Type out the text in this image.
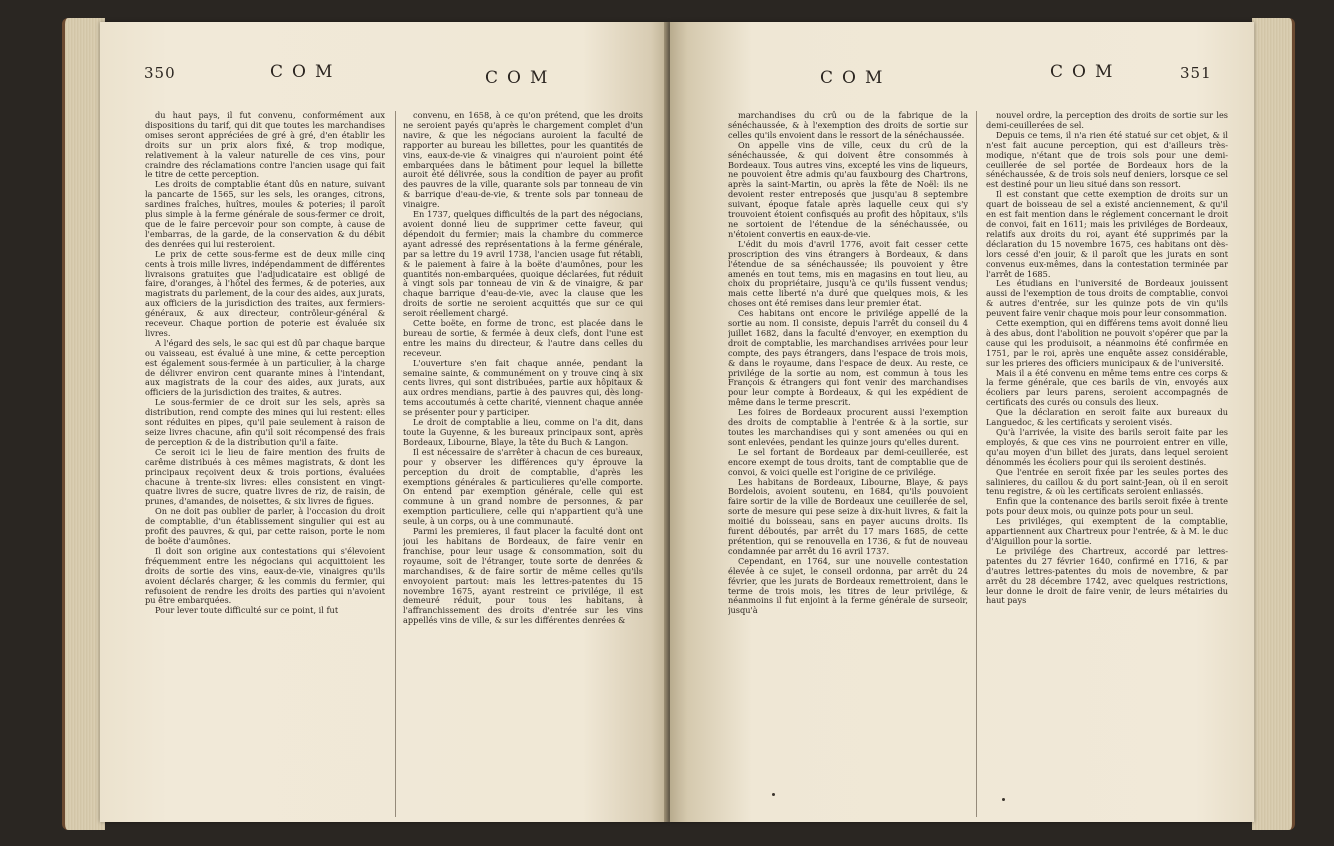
350	COM	COM

du haut pays, il fut convenu, conformément aux dispositions du tarif, qui dit que toutes les marchandises omises seront appréciées de gré à gré, d'en établir les droits sur un prix alors fixé, & trop modique, relativement à la valeur naturelle de ces vins, pour craindre des réclamations contre l'ancien usage qui fait le titre de cette perception.

Les droits de comptablie étant dûs en nature, suivant la pancarte de 1565, sur les sels, les oranges, citrons, sardines fraîches, huîtres, moules & poteries; il paroît plus simple à la ferme générale de sous-fermer ce droit, que de le faire percevoir pour son compte, à cause de l'embarras, de la garde, de la conservation & du débit des denrées qui lui resteroient.

Le prix de cette sous-ferme est de deux mille cinq cents à trois mille livres, indépendamment de différentes livraisons gratuites que l'adjudicataire est obligé de faire, d'oranges, à l'hôtel des fermes, & de poteries, aux magistrats du parlement, de la cour des aides, aux jurats, aux officiers de la jurisdiction des traites, aux fermiers-généraux, & aux directeur, contrôleur-général & receveur. Chaque portion de poterie est évaluée six livres.

A l'égard des sels, le sac qui est dû par chaque barque ou vaisseau, est évalué à une mine, & cette perception est également sous-fermée à un particulier, à la charge de délivrer environ cent quarante mines à l'intendant, aux magistrats de la cour des aides, aux jurats, aux officiers de la jurisdiction des traites, & autres.

Le sous-fermier de ce droit sur les sels, après sa distribution, rend compte des mines qui lui restent: elles sont réduites en pipes, qu'il paie seulement à raison de seize livres chacune, afin qu'il soit récompensé des frais de perception & de la distribution qu'il a faite.

Ce seroit ici le lieu de faire mention des fruits de carême distribués à ces mêmes magistrats, & dont les principaux reçoivent deux & trois portions, évaluées chacune à trente-six livres: elles consistent en vingt-quatre livres de sucre, quatre livres de riz, de raisin, de prunes, d'amandes, de noisettes, & six livres de figues.

On ne doit pas oublier de parler, à l'occasion du droit de comptablie, d'un établissement singulier qui est au profit des pauvres, & qui, par cette raison, porte le nom de boëte d'aumônes.

Il doit son origine aux contestations qui s'élevoient fréquemment entre les négocians qui acquittoient les droits de sortie des vins, eaux-de-vie, vinaigres qu'ils avoient déclarés charger, & les commis du fermier, qui refusoient de rendre les droits des parties qui n'avoient pu être embarquées.

Pour lever toute difficulté sur ce point, il fut

convenu, en 1658, à ce qu'on prétend, que les droits ne seroient payés qu'après le chargement complet d'un navire, & que les négocians auroient la faculté de rapporter au bureau les billettes, pour les quantités de vins, eaux-de-vie & vinaigres qui n'auroient point été embarquées dans le bâtiment pour lequel la billette auroit été délivrée, sous la condition de payer au profit des pauvres de la ville, quarante sols par tonneau de vin & barrique d'eau-de-vie, & trente sols par tonneau de vinaigre.

En 1737, quelques difficultés de la part des négocians, avoient donné lieu de supprimer cette faveur, qui dépendoit du fermier; mais la chambre du commerce ayant adressé des représentations à la ferme générale, par sa lettre du 19 avril 1738, l'ancien usage fut rétabli, & le paiement à faire à la boëte d'aumônes, pour les quantités non-embarquées, quoique déclarées, fut réduit à vingt sols par tonneau de vin & de vinaigre, & par chaque barrique d'eau-de-vie, avec la clause que les droits de sortie ne seroient acquittés que sur ce qui seroit réellement chargé.

Cette boëte, en forme de tronc, est placée dans le bureau de sortie, & fermée à deux clefs, dont l'une est entre les mains du directeur, & l'autre dans celles du receveur.

L'ouverture s'en fait chaque année, pendant la semaine sainte, & communément on y trouve cinq à six cents livres, qui sont distribuées, partie aux hôpitaux & aux ordres mendians, partie à des pauvres qui, dès long-tems accoutumés à cette charité, viennent chaque année se présenter pour y participer.

Le droit de comptablie a lieu, comme on l'a dit, dans toute la Guyenne, & les bureaux principaux sont, après Bordeaux, Libourne, Blaye, la tête du Buch & Langon.

Il est nécessaire de s'arrêter à chacun de ces bureaux, pour y observer les différences qu'y éprouve la perception du droit de comptablie, d'après les exemptions générales & particulieres qu'elle comporte. On entend par exemption générale, celle qui est commune à un grand nombre de personnes, & par exemption particuliere, celle qui n'appartient qu'à une seule, à un corps, ou à une communauté.

Parmi les premieres, il faut placer la faculté dont ont joui les habitans de Bordeaux, de faire venir en franchise, pour leur usage & consommation, soit du royaume, soit de l'étranger, toute sorte de denrées & marchandises, & de faire sortir de même celles qu'ils envoyoient partout: mais les lettres-patentes du 15 novembre 1675, ayant restreint ce privilége, il est demeuré réduit, pour tous les habitans, à l'affranchissement des droits d'entrée sur les vins appellés vins de ville, & sur les différentes denrées &

COM	COM	351

marchandises du crû ou de la fabrique de la sénéchaussée, & à l'exemption des droits de sortie sur celles qu'ils envoient dans le ressort de la sénéchaussée.

On appelle vins de ville, ceux du crû de la sénéchaussée, & qui doivent être consommés à Bordeaux. Tous autres vins, excepté les vins de liqueurs, ne pouvoient être admis qu'au fauxbourg des Chartrons, après la saint-Martin, ou après la fête de Noël: ils ne devoient rester entreposés que jusqu'au 8 septembre suivant, époque fatale après laquelle ceux qui s'y trouvoient étoient confisqués au profit des hôpitaux, s'ils ne sortoient de l'étendue de la sénéchaussée, ou n'étoient convertis en eaux-de-vie.

L'édit du mois d'avril 1776, avoit fait cesser cette proscription des vins étrangers à Bordeaux, & dans l'étendue de sa sénéchaussée; ils pouvoient y être amenés en tout tems, mis en magasins en tout lieu, au choix du propriétaire, jusqu'à ce qu'ils fussent vendus; mais cette liberté n'a duré que quelques mois, & les choses ont été remises dans leur premier état.

Ces habitans ont encore le privilége appellé de la sortie au nom. Il consiste, depuis l'arrêt du conseil du 4 juillet 1682, dans la faculté d'envoyer, en exemption du droit de comptablie, les marchandises arrivées pour leur compte, des pays étrangers, dans l'espace de trois mois, & dans le royaume, dans l'espace de deux. Au reste, ce privilége de la sortie au nom, est commun à tous les François & étrangers qui font venir des marchandises pour leur compte à Bordeaux, & qui les expédient de même dans le terme prescrit.

Les foires de Bordeaux procurent aussi l'exemption des droits de comptablie à l'entrée & à la sortie, sur toutes les marchandises qui y sont amenées ou qui en sont enlevées, pendant les quinze jours qu'elles durent.

Le sel fortant de Bordeaux par demi-ceuillerée, est encore exempt de tous droits, tant de comptablie que de convoi, & voici quelle est l'origine de ce privilége.

Les habitans de Bordeaux, Libourne, Blaye, & pays Bordelois, avoient soutenu, en 1684, qu'ils pouvoient faire sortir de la ville de Bordeaux une ceuillerée de sel, sorte de mesure qui pese seize à dix-huit livres, & fait la moitié du boisseau, sans en payer aucuns droits. Ils furent déboutés, par arrêt du 17 mars 1685, de cette prétention, qui se renouvella en 1736, & fut de nouveau condamnée par arrêt du 16 avril 1737.

Cependant, en 1764, sur une nouvelle contestation élevée à ce sujet, le conseil ordonna, par arrêt du 24 février, que les jurats de Bordeaux remettroient, dans le terme de trois mois, les titres de leur privilége, & néanmoins il fut enjoint à la ferme générale de surseoir, jusqu'à

nouvel ordre, la perception des droits de sortie sur les demi-ceuillerées de sel.

Depuis ce tems, il n'a rien été statué sur cet objet, & il n'est fait aucune perception, qui est d'ailleurs très-modique, n'étant que de trois sols pour une demi-ceuillerée de sel portée de Bordeaux hors de la sénéchaussée, & de trois sols neuf deniers, lorsque ce sel est destiné pour un lieu situé dans son ressort.

Il est constant que cette exemption de droits sur un quart de boisseau de sel a existé anciennement, & qu'il en est fait mention dans le réglement concernant le droit de convoi, fait en 1611; mais les priviléges de Bordeaux, relatifs aux droits du roi, ayant été supprimés par la déclaration du 15 novembre 1675, ces habitans ont dès-lors cessé d'en jouir, & il paroît que les jurats en sont convenus eux-mêmes, dans la contestation terminée par l'arrêt de 1685.

Les étudians en l'université de Bordeaux jouissent aussi de l'exemption de tous droits de comptablie, convoi & autres d'entrée, sur les quinze pots de vin qu'ils peuvent faire venir chaque mois pour leur consommation.

Cette exemption, qui en différens tems avoit donné lieu à des abus, dont l'abolition ne pouvoit s'opérer que par la cause qui les produisoit, a néanmoins été confirmée en 1751, par le roi, après une enquête assez considérable, sur les prieres des officiers municipaux & de l'université.

Mais il a été convenu en même tems entre ces corps & la ferme générale, que ces barils de vin, envoyés aux écoliers par leurs parens, seroient accompagnés de certificats des curés ou consuls des lieux.

Que la déclaration en seroit faite aux bureaux du Languedoc, & les certificats y seroient visés.

Qu'à l'arrivée, la visite des barils seroit faite par les employés, & que ces vins ne pourroient entrer en ville, qu'au moyen d'un billet des jurats, dans lequel seroient dénommés les écoliers pour qui ils seroient destinés.

Que l'entrée en seroit fixée par les seules portes des salinieres, du caillou & du port saint-Jean, où il en seroit tenu registre, & où les certificats seroient enliassés.

Enfin que la contenance des barils seroit fixée à trente pots pour deux mois, ou quinze pots pour un seul.

Les priviléges, qui exemptent de la comptablie, appartiennent aux Chartreux pour l'entrée, & à M. le duc d'Aiguillon pour la sortie.

Le privilége des Chartreux, accordé par lettres-patentes du 27 février 1640, confirmé en 1716, & par d'autres lettres-patentes du mois de novembre, & par arrêt du 28 décembre 1742, avec quelques restrictions, leur donne le droit de faire venir, de leurs métairies du haut pays
